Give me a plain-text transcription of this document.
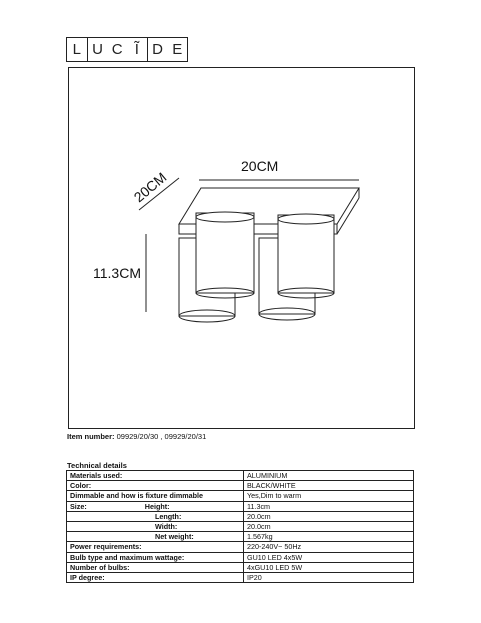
L U C Ĩ D E
20CM
20CM
11.3CM
Item number: 09929/20/30 , 09929/20/31
Technical details
Materials used:	ALUMINIUM
Color:	BLACK/WHITE
Dimmable and how is fixture dimmable	Yes,Dim to warm
Size: Height:	11.3cm
Length:	20.0cm
Width:	20.0cm
Net weight:	1.567kg
Power requirements:	220-240V~ 50Hz
Bulb type and maximum wattage:	GU10 LED 4x5W
Number of bulbs:	4xGU10 LED 5W
IP degree:	IP20
